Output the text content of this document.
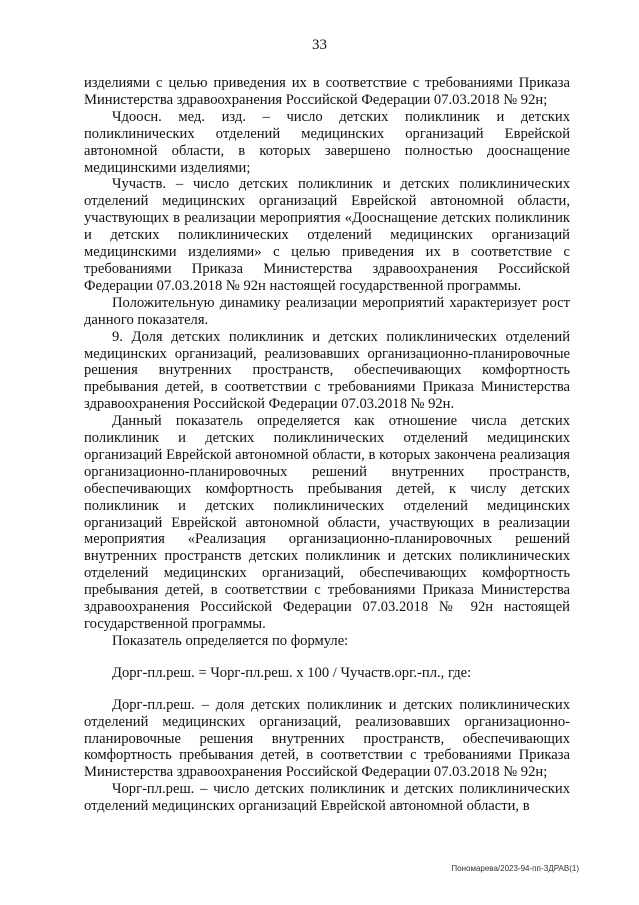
33

изделиями с целью приведения их в соответствие с требованиями Приказа Министерства здравоохранения Российской Федерации 07.03.2018 № 92н;

Чдоосн. мед. изд. – число детских поликлиник и детских поликлинических отделений медицинских организаций Еврейской автономной области, в которых завершено полностью дооснащение медицинскими изделиями;

Чучаств. – число детских поликлиник и детских поликлинических отделений медицинских организаций Еврейской автономной области, участвующих в реализации мероприятия «Дооснащение детских поликлиник и детских поликлинических отделений медицинских организаций медицинскими изделиями» с целью приведения их в соответствие с требованиями Приказа Министерства здравоохранения Российской Федерации 07.03.2018 № 92н настоящей государственной программы.

Положительную динамику реализации мероприятий характеризует рост данного показателя.

9. Доля детских поликлиник и детских поликлинических отделений медицинских организаций, реализовавших организационно-планировочные решения внутренних пространств, обеспечивающих комфортность пребывания детей, в соответствии с требованиями Приказа Министерства здравоохранения Российской Федерации 07.03.2018 № 92н.

Данный показатель определяется как отношение числа детских поликлиник и детских поликлинических отделений медицинских организаций Еврейской автономной области, в которых закончена реализация организационно-планировочных решений внутренних пространств, обеспечивающих комфортность пребывания детей, к числу детских поликлиник и детских поликлинических отделений медицинских организаций Еврейской автономной области, участвующих в реализации мероприятия «Реализация организационно-планировочных решений внутренних пространств детских поликлиник и детских поликлинических отделений медицинских организаций, обеспечивающих комфортность пребывания детей, в соответствии с требованиями Приказа Министерства здравоохранения Российской Федерации 07.03.2018 № 92н настоящей государственной программы.

Показатель определяется по формуле:

Дорг-пл.реш. = Чорг-пл.реш. х 100 / Чучаств.орг.-пл., где:

Дорг-пл.реш. – доля детских поликлиник и детских поликлинических отделений медицинских организаций, реализовавших организационно-планировочные решения внутренних пространств, обеспечивающих комфортность пребывания детей, в соответствии с требованиями Приказа Министерства здравоохранения Российской Федерации 07.03.2018 № 92н;

Чорг-пл.реш. – число детских поликлиник и детских поликлинических отделений медицинских организаций Еврейской автономной области, в

Пономарева/2023-94-пп-ЗДРАВ(1)
